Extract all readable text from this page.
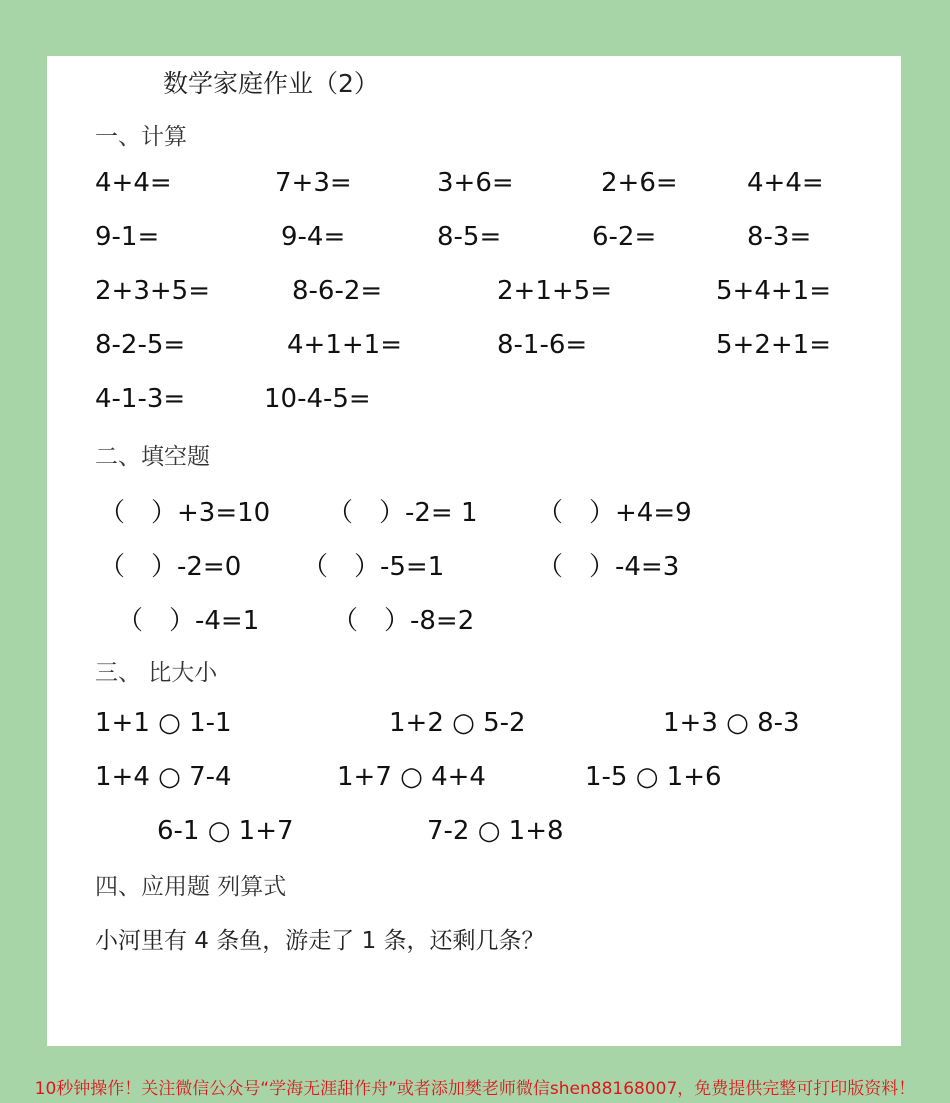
数学家庭作业（2）
一、计算
4+4=	7+3=	3+6=	2+6=	4+4=
9-1=	9-4=	8-5=	6-2=	8-3=
2+3+5=	8-6-2=	2+1+5=	5+4+1=
8-2-5=	4+1+1=	8-1-6=	5+2+1=
4-1-3=	10-4-5=
二、填空题
（　）+3=10 （　）-2= 1 （　）+4=9
（　）-2=0 （　）-5=1	（　）-4=3
（　）-4=1	（　）-8=2
三、 比大小
1+1 ○ 1-1	1+2 ○ 5-2	1+3 ○ 8-3
1+4 ○ 7-4	1+7 ○ 4+4	1-5 ○ 1+6
6-1 ○ 1+7	7-2 ○ 1+8
四、应用题 列算式
小河里有 4 条鱼，游走了 1 条，还剩几条？
10秒钟操作！关注微信公众号“学海无涯甜作舟”或者添加樊老师微信shen88168007，免费提供完整可打印版资料！
